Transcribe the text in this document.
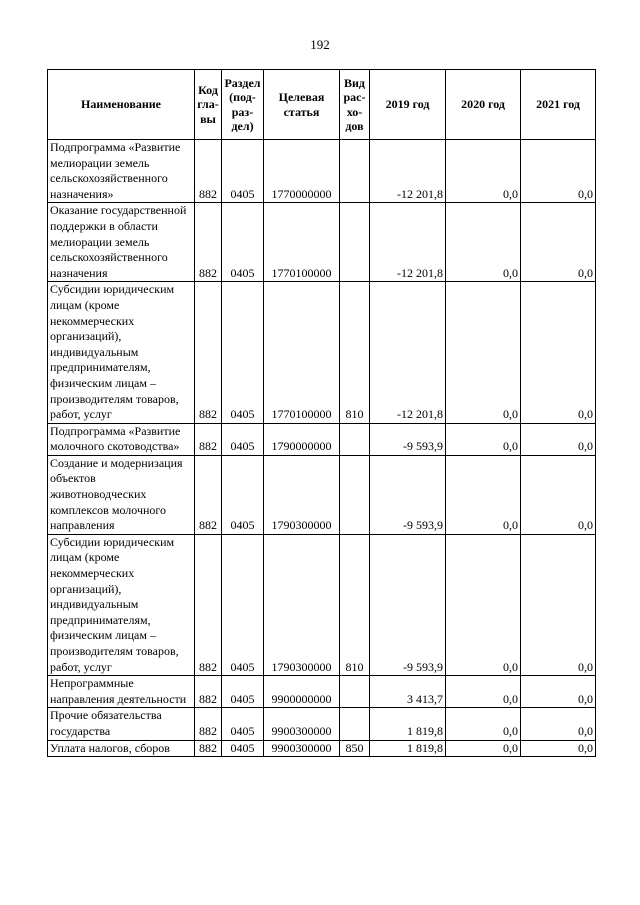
192
Наименование	Код гла-вы	Раздел (под-раз-дел)	Целевая статья	Вид рас-хо-дов	2019 год	2020 год	2021 год
Подпрограмма «Развитие мелиорации земель сельскохозяйственного назначения»	882	0405	1770000000		-12 201,8	0,0	0,0
Оказание государственной поддержки в области мелиорации земель сельскохозяйственного назначения	882	0405	1770100000		-12 201,8	0,0	0,0
Субсидии юридическим лицам (кроме некоммерческих организаций), индивидуальным предпринимателям, физическим лицам – производителям товаров, работ, услуг	882	0405	1770100000	810	-12 201,8	0,0	0,0
Подпрограмма «Развитие молочного скотоводства»	882	0405	1790000000		-9 593,9	0,0	0,0
Создание и модернизация объектов животноводческих комплексов молочного направления	882	0405	1790300000		-9 593,9	0,0	0,0
Субсидии юридическим лицам (кроме некоммерческих организаций), индивидуальным предпринимателям, физическим лицам – производителям товаров, работ, услуг	882	0405	1790300000	810	-9 593,9	0,0	0,0
Непрограммные направления деятельности	882	0405	9900000000		3 413,7	0,0	0,0
Прочие обязательства государства	882	0405	9900300000		1 819,8	0,0	0,0
Уплата налогов, сборов	882	0405	9900300000	850	1 819,8	0,0	0,0
